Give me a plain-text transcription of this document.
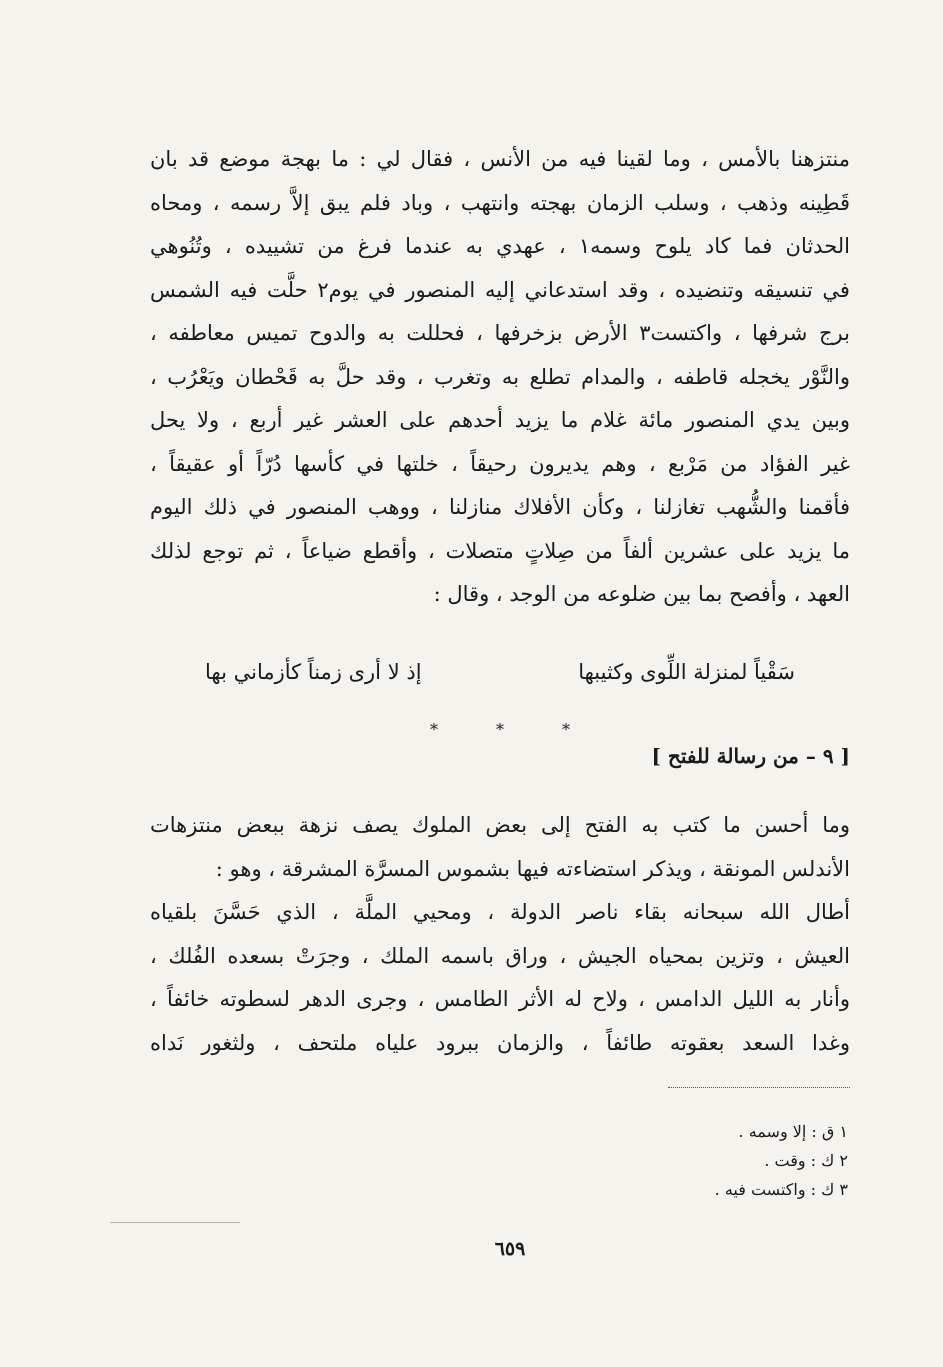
منتزهنا بالأمس ، وما لقينا فيه من الأنس ، فقال لي : ما بهجة موضع قد بان
قَطِينه وذهب ، وسلب الزمان بهجته وانتهب ، وباد فلم يبق إلاَّ رسمه ، ومحاه
الحدثان فما كاد يلوح وسمه١ ، عهدي به عندما فرغ من تشييده ، وتُنُوهي
في تنسيقه وتنضيده ، وقد استدعاني إليه المنصور في يوم٢ حلَّت فيه الشمس
برج شرفها ، واكتست٣ الأرض بزخرفها ، فحللت به والدوح تميس معاطفه ،
والنَّوْر يخجله قاطفه ، والمدام تطلع به وتغرب ، وقد حلَّ به قَحْطان ويَعْرُب ،
وبين يدي المنصور مائة غلام ما يزيد أحدهم على العشر غير أربع ، ولا يحل
غير الفؤاد من مَرْبع ، وهم يديرون رحيقاً ، خلتها في كأسها دُرّاً أو عقيقاً ،
فأقمنا والشُّهب تغازلنا ، وكأن الأفلاك منازلنا ، ووهب المنصور في ذلك اليوم
ما يزيد على عشرين ألفاً من صِلاتٍ متصلات ، وأقطع ضياعاً ، ثم توجع لذلك
العهد ، وأفصح بما بين ضلوعه من الوجد ، وقال :
سَقْياً لمنزلة اللِّوى وكثيبها
إذ لا أرى زمناً كأزماني بها
*	*	*
[ ٩ – من رسالة للفتح ]
وما أحسن ما كتب به الفتح إلى بعض الملوك يصف نزهة ببعض منتزهات
الأندلس المونقة ، ويذكر استضاءته فيها بشموس المسرَّة المشرقة ، وهو :
أطال الله سبحانه بقاء ناصر الدولة ، ومحيي الملَّة ، الذي حَسَّنَ بلقياه
العيش ، وتزين بمحياه الجيش ، وراق باسمه الملك ، وجرَتْ بسعده الفُلك ،
وأنار به الليل الدامس ، ولاح له الأثر الطامس ، وجرى الدهر لسطوته خائفاً ،
وغدا السعد بعقوته طائفاً ، والزمان ببرود علياه ملتحف ، ولثغور نَداه
١ ق : إلا وسمه .
٢ ك : وقت .
٣ ك : واكتست فيه .
٦٥٩
